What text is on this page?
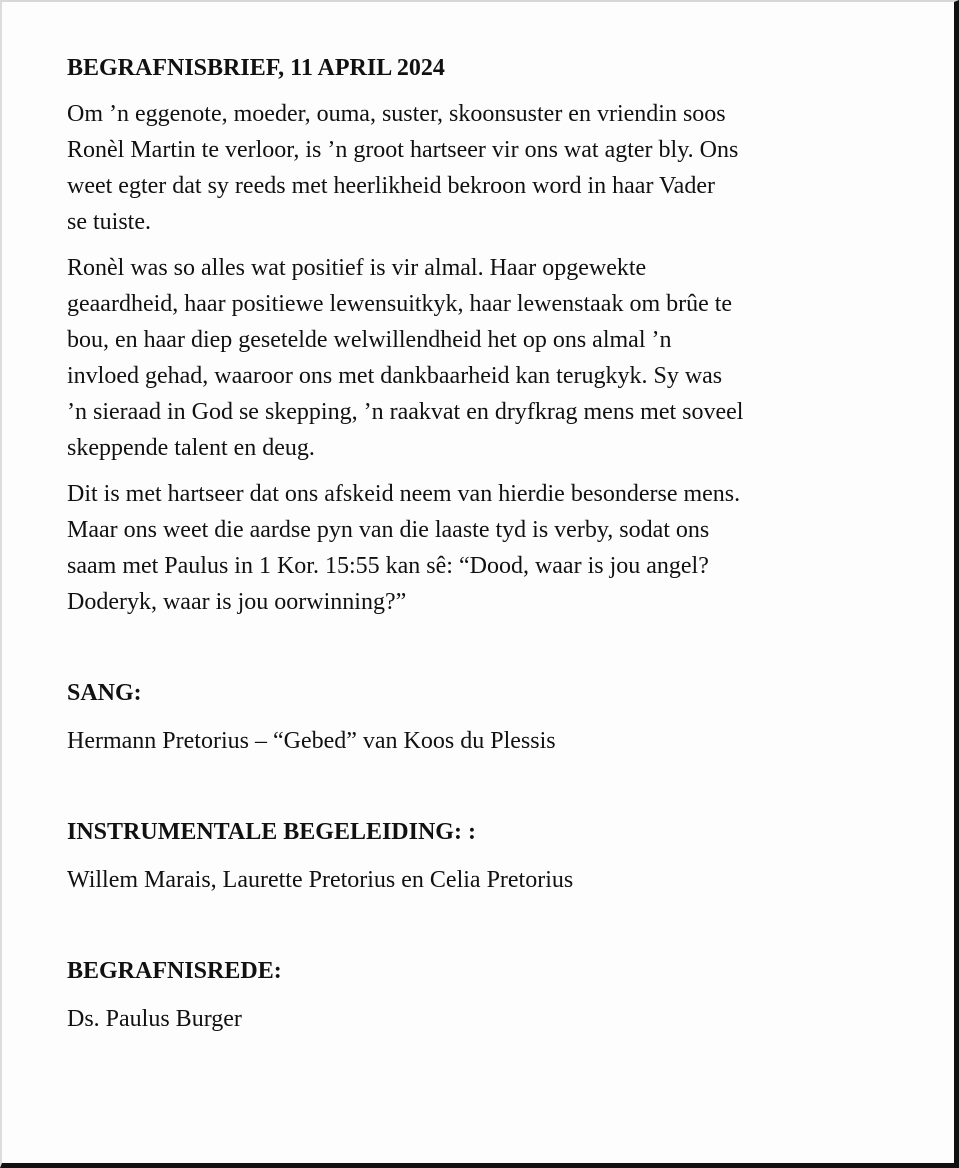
BEGRAFNISBRIEF, 11 APRIL 2024
Om ’n eggenote, moeder, ouma, suster, skoonsuster en vriendin soos
Ronèl Martin te verloor, is ’n groot hartseer vir ons wat agter bly. Ons
weet egter dat sy reeds met heerlikheid bekroon word in haar Vader
se tuiste.
Ronèl was so alles wat positief is vir almal. Haar opgewekte
geaardheid, haar positiewe lewensuitkyk, haar lewenstaak om brûe te
bou, en haar diep gesetelde welwillendheid het op ons almal ’n
invloed gehad, waaroor ons met dankbaarheid kan terugkyk. Sy was
’n sieraad in God se skepping, ’n raakvat en dryfkrag mens met soveel
skeppende talent en deug.
Dit is met hartseer dat ons afskeid neem van hierdie besonderse mens.
Maar ons weet die aardse pyn van die laaste tyd is verby, sodat ons
saam met Paulus in 1 Kor. 15:55 kan sê: “Dood, waar is jou angel?
Doderyk, waar is jou oorwinning?”
SANG:
Hermann Pretorius – “Gebed” van Koos du Plessis
INSTRUMENTALE BEGELEIDING: :
Willem Marais, Laurette Pretorius en Celia Pretorius
BEGRAFNISREDE:
Ds. Paulus Burger
